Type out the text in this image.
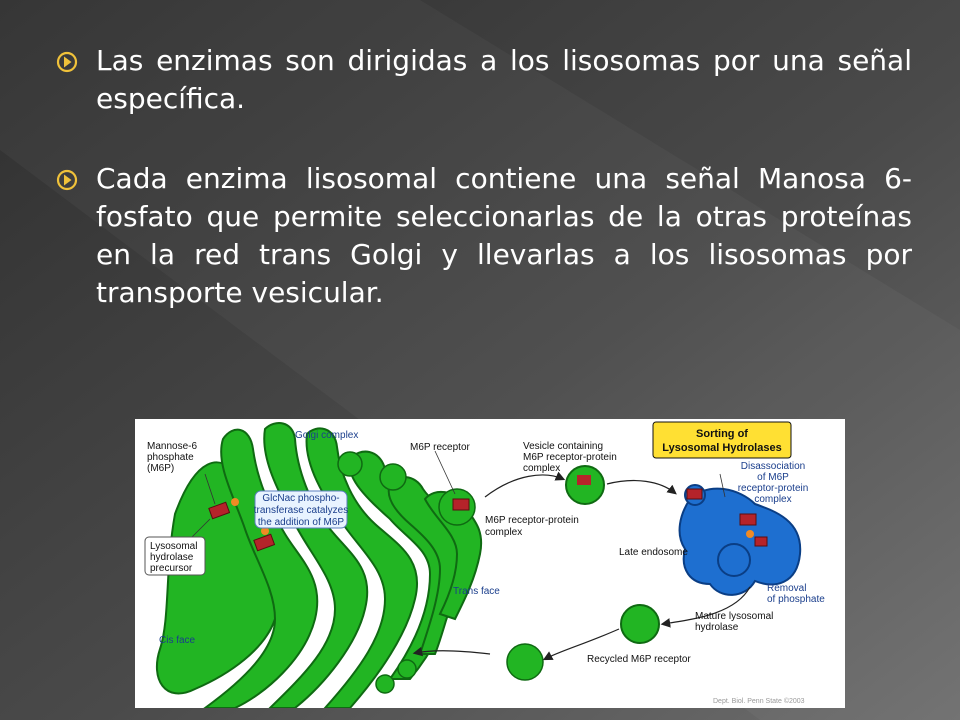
Las enzimas son dirigidas a los lisosomas por una señal específica.

Cada enzima lisosomal contiene una señal Manosa 6-fosfato que permite seleccionarlas de la otras proteínas en la red trans Golgi y llevarlas a los lisosomas por transporte vesicular.

Sorting of
Lysosomal Hydrolases
GlcNac phospho-
transferase catalyzes
the addition of M6P
Lysosomal
hydrolase
precursor
Golgi complex
Mannose-6
phosphate
(M6P)
M6P receptor	Vesicle containing
M6P receptor-protein
complex
M6P receptor-protein
complex
Disassociation
of M6P
receptor-protein
complex
Late endosome
Trans face	Removal
of phosphate
Mature lysosomal
hydrolase
Cis face
Recycled M6P receptor
Dept. Biol. Penn State ©2003
